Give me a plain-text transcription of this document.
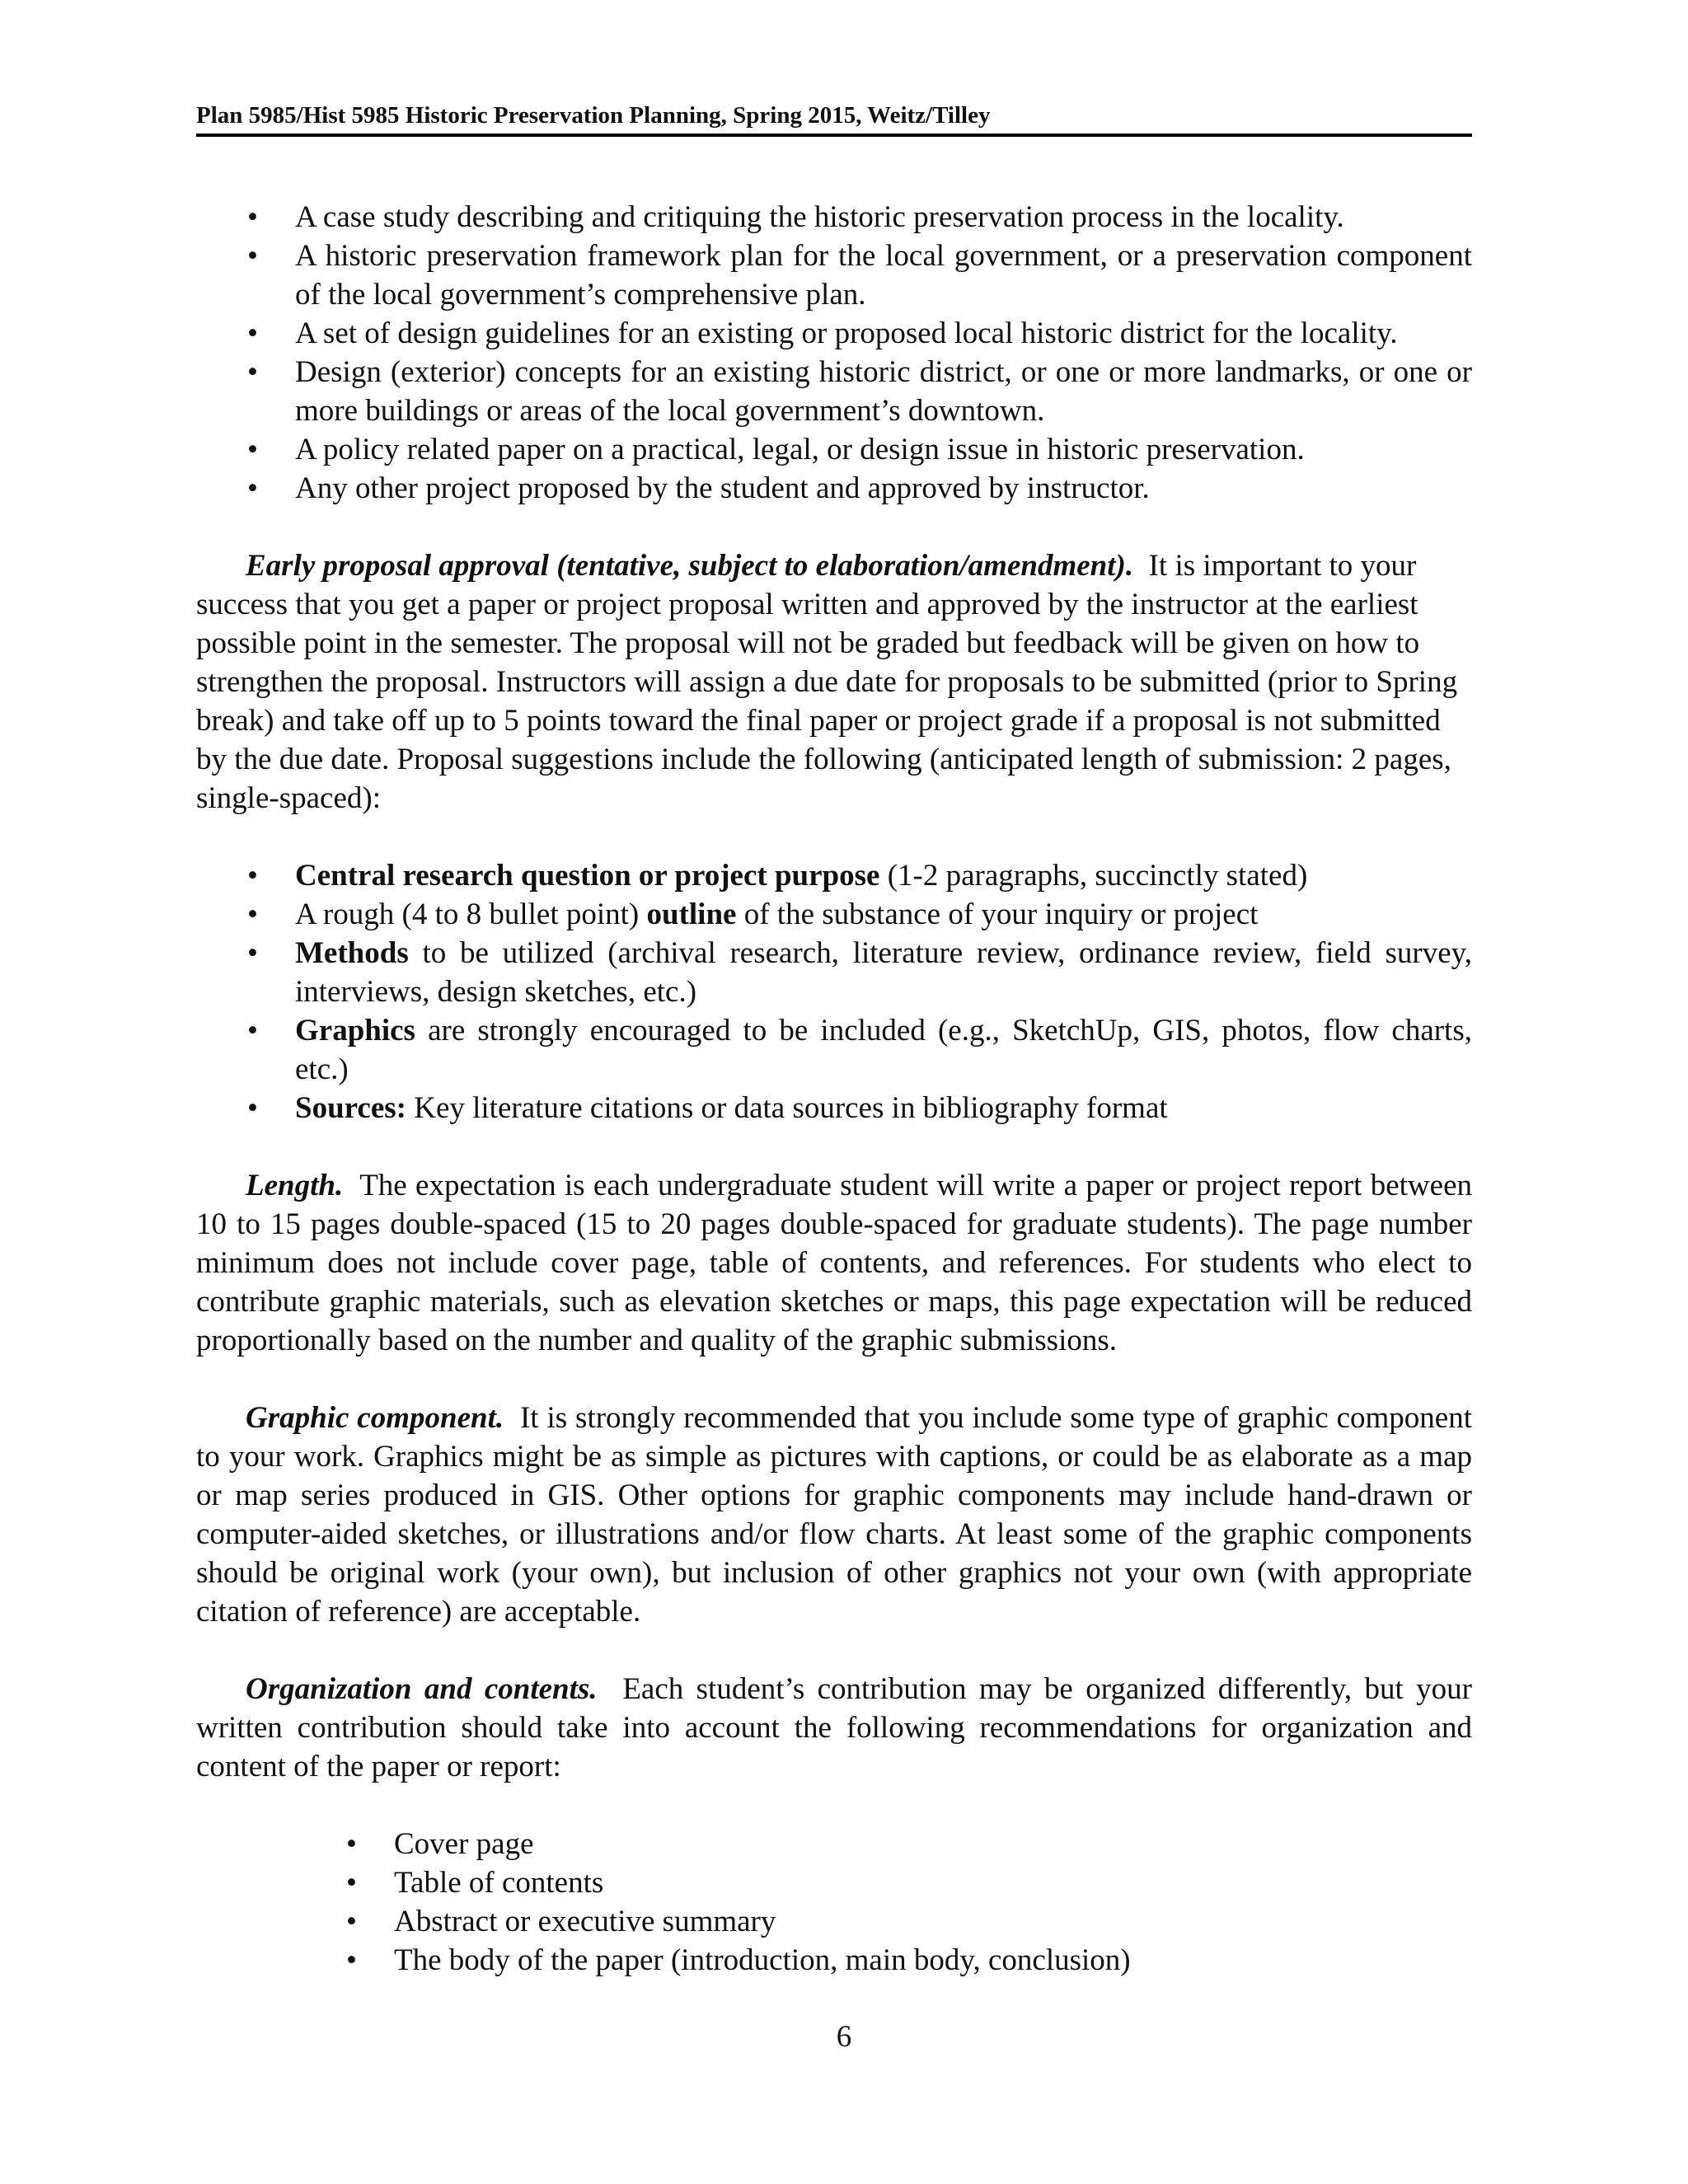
Plan 5985/Hist 5985 Historic Preservation Planning, Spring 2015, Weitz/Tilley
• A case study describing and critiquing the historic preservation process in the locality.
• A historic preservation framework plan for the local government, or a preservation component of the local government’s comprehensive plan.
• A set of design guidelines for an existing or proposed local historic district for the locality.
• Design (exterior) concepts for an existing historic district, or one or more landmarks, or one or more buildings or areas of the local government’s downtown.
• A policy related paper on a practical, legal, or design issue in historic preservation.
• Any other project proposed by the student and approved by instructor.

Early proposal approval (tentative, subject to elaboration/amendment). It is important to your success that you get a paper or project proposal written and approved by the instructor at the earliest possible point in the semester. The proposal will not be graded but feedback will be given on how to strengthen the proposal. Instructors will assign a due date for proposals to be submitted (prior to Spring break) and take off up to 5 points toward the final paper or project grade if a proposal is not submitted by the due date. Proposal suggestions include the following (anticipated length of submission: 2 pages, single-spaced):

• Central research question or project purpose (1-2 paragraphs, succinctly stated)
• A rough (4 to 8 bullet point) outline of the substance of your inquiry or project
• Methods to be utilized (archival research, literature review, ordinance review, field survey, interviews, design sketches, etc.)
• Graphics are strongly encouraged to be included (e.g., SketchUp, GIS, photos, flow charts, etc.)
• Sources: Key literature citations or data sources in bibliography format

Length. The expectation is each undergraduate student will write a paper or project report between 10 to 15 pages double-spaced (15 to 20 pages double-spaced for graduate students). The page number minimum does not include cover page, table of contents, and references. For students who elect to contribute graphic materials, such as elevation sketches or maps, this page expectation will be reduced proportionally based on the number and quality of the graphic submissions.

Graphic component. It is strongly recommended that you include some type of graphic component to your work. Graphics might be as simple as pictures with captions, or could be as elaborate as a map or map series produced in GIS. Other options for graphic components may include hand-drawn or computer-aided sketches, or illustrations and/or flow charts. At least some of the graphic components should be original work (your own), but inclusion of other graphics not your own (with appropriate citation of reference) are acceptable.

Organization and contents. Each student’s contribution may be organized differently, but your written contribution should take into account the following recommendations for organization and content of the paper or report:

• Cover page
• Table of contents
• Abstract or executive summary
• The body of the paper (introduction, main body, conclusion)
6
